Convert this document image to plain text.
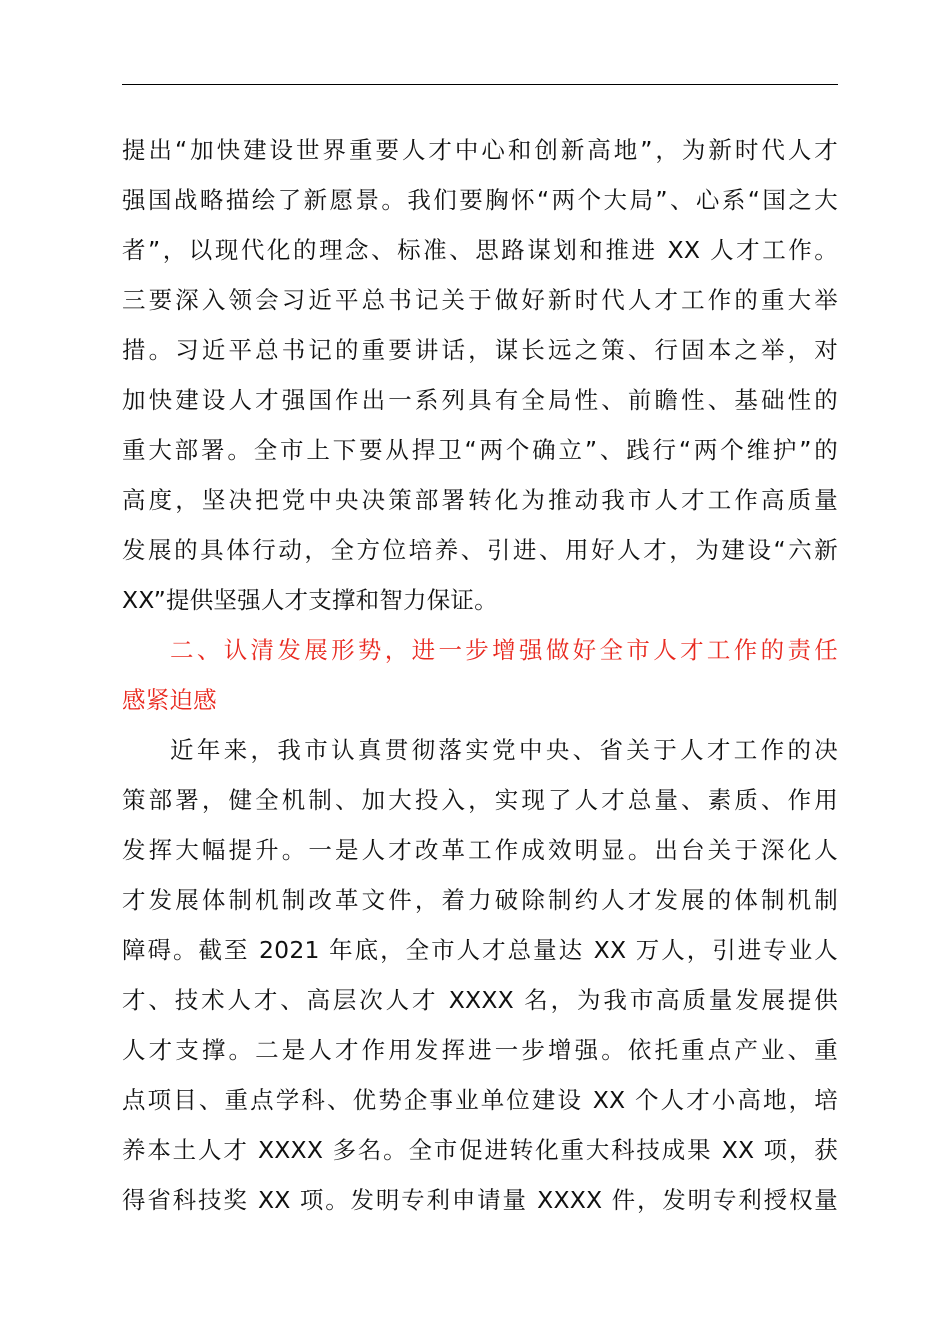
提出“加快建设世界重要人才中心和创新高地”，为新时代人才
强国战略描绘了新愿景。我们要胸怀“两个大局”、心系“国之大
者”，以现代化的理念、标准、思路谋划和推进 XX 人才工作。
三要深入领会习近平总书记关于做好新时代人才工作的重大举
措。习近平总书记的重要讲话，谋长远之策、行固本之举，对
加快建设人才强国作出一系列具有全局性、前瞻性、基础性的
重大部署。全市上下要从捍卫“两个确立”、践行“两个维护”的
高度，坚决把党中央决策部署转化为推动我市人才工作高质量
发展的具体行动，全方位培养、引进、用好人才，为建设“六新
XX”提供坚强人才支撑和智力保证。
二、认清发展形势，进一步增强做好全市人才工作的责任
感紧迫感
近年来，我市认真贯彻落实党中央、省关于人才工作的决
策部署，健全机制、加大投入，实现了人才总量、素质、作用
发挥大幅提升。一是人才改革工作成效明显。出台关于深化人
才发展体制机制改革文件，着力破除制约人才发展的体制机制
障碍。截至 2021 年底，全市人才总量达 XX 万人，引进专业人
才、技术人才、高层次人才 XXXX 名，为我市高质量发展提供
人才支撑。二是人才作用发挥进一步增强。依托重点产业、重
点项目、重点学科、优势企事业单位建设 XX 个人才小高地，培
养本土人才 XXXX 多名。全市促进转化重大科技成果 XX 项，获
得省科技奖 XX 项。发明专利申请量 XXXX 件，发明专利授权量
